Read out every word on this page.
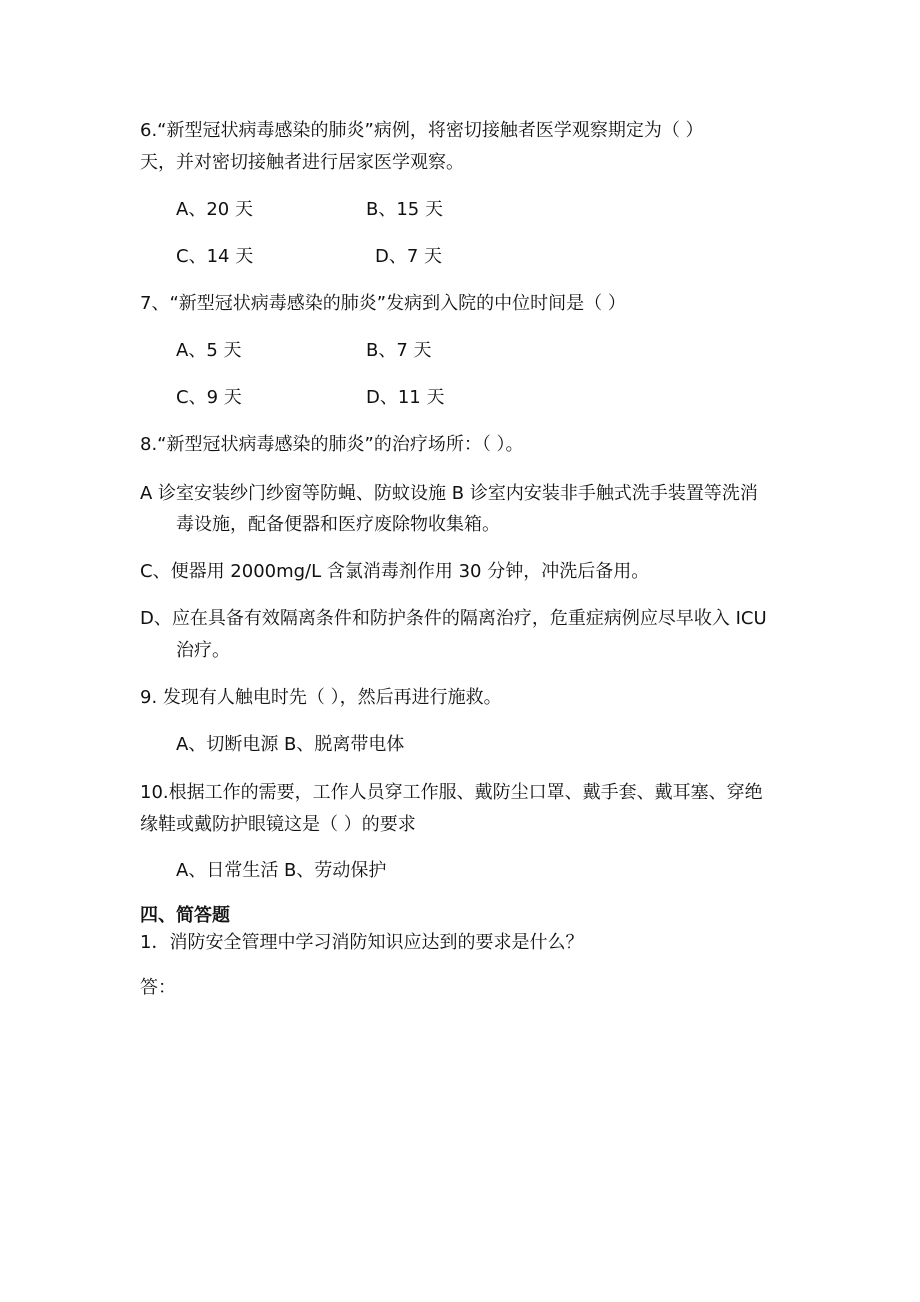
6.“新型冠状病毒感染的肺炎”病例，将密切接触者医学观察期定为（ ）
天，并对密切接触者进行居家医学观察。
A、20 天	B、15 天
C、14 天	D、7 天
7、“新型冠状病毒感染的肺炎”发病到入院的中位时间是（ ）
A、5 天	B、7 天
C、9 天	D、11 天
8.“新型冠状病毒感染的肺炎”的治疗场所：（ ）。
A 诊室安装纱门纱窗等防蝇、防蚊设施 B 诊室内安装非手触式洗手装置等洗消
毒设施，配备便器和医疗废除物收集箱。
C、便器用 2000mg/L 含氯消毒剂作用 30 分钟，冲洗后备用。
D、应在具备有效隔离条件和防护条件的隔离治疗，危重症病例应尽早收入 ICU
治疗。
9. 发现有人触电时先（ ），然后再进行施救。
A、切断电源 B、脱离带电体
10.根据工作的需要，工作人员穿工作服、戴防尘口罩、戴手套、戴耳塞、穿绝
缘鞋或戴防护眼镜这是（ ）的要求
A、日常生活 B、劳动保护
四、简答题
1．消防安全管理中学习消防知识应达到的要求是什么？
答：
